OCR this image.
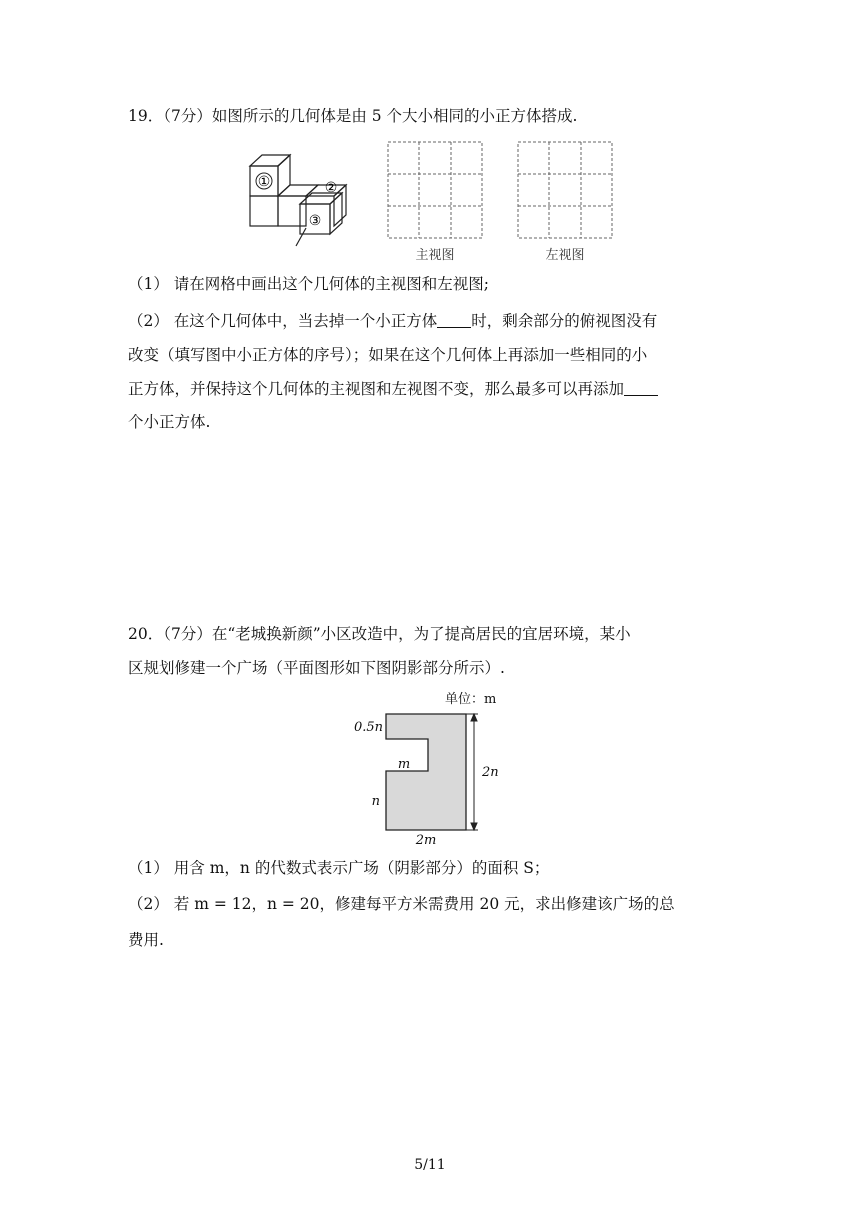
19．（7分）如图所示的几何体是由 5 个大小相同的小正方体搭成.
①	②
③
主视图	左视图
（1） 请在网格中画出这个几何体的主视图和左视图;
（2） 在这个几何体中，当去掉一个小正方体 时，剩余部分的俯视图没有
改变（填写图中小正方体的序号）；如果在这个几何体上再添加一些相同的小
正方体，并保持这个几何体的主视图和左视图不变，那么最多可以再添加
个小正方体.
20．（7分）在“老城换新颜”小区改造中，为了提高居民的宜居环境，某小
区规划修建一个广场（平面图形如下图阴影部分所示）.
单位：m
0.5n
m
n
2n
2m
（1） 用含 m，n 的代数式表示广场（阴影部分）的面积 S；
（2） 若 m = 12，n = 20，修建每平方米需费用 20 元，求出修建该广场的总
费用.
5/11
